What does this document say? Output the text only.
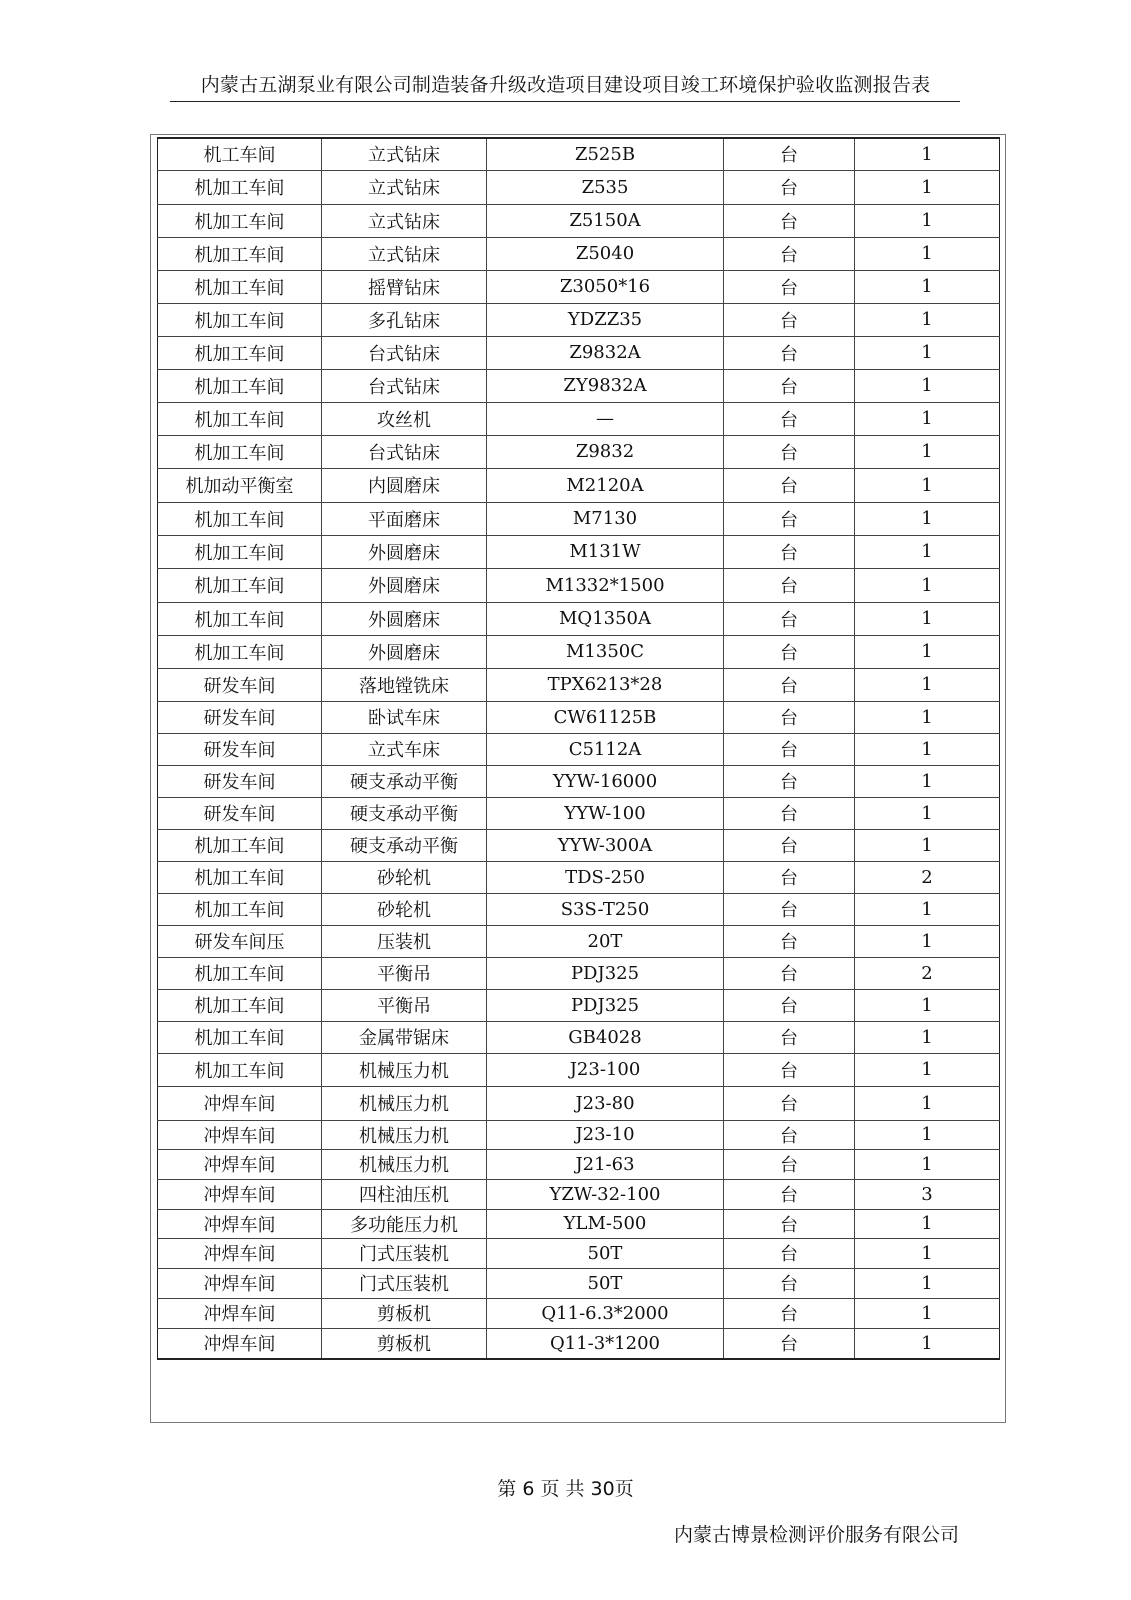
内蒙古五湖泵业有限公司制造装备升级改造项目建设项目竣工环境保护验收监测报告表
机工车间	立式钻床	Z525B	台	1
机加工车间	立式钻床	Z535	台	1
机加工车间	立式钻床	Z5150A	台	1
机加工车间	立式钻床	Z5040	台	1
机加工车间	摇臂钻床	Z3050*16	台	1
机加工车间	多孔钻床	YDZZ35	台	1
机加工车间	台式钻床	Z9832A	台	1
机加工车间	台式钻床	ZY9832A	台	1
机加工车间	攻丝机	—	台	1
机加工车间	台式钻床	Z9832	台	1
机加动平衡室	内圆磨床	M2120A	台	1
机加工车间	平面磨床	M7130	台	1
机加工车间	外圆磨床	M131W	台	1
机加工车间	外圆磨床	M1332*1500	台	1
机加工车间	外圆磨床	MQ1350A	台	1
机加工车间	外圆磨床	M1350C	台	1
研发车间	落地镗铣床	TPX6213*28	台	1
研发车间	卧试车床	CW61125B	台	1
研发车间	立式车床	C5112A	台	1
研发车间	硬支承动平衡	YYW-16000	台	1
研发车间	硬支承动平衡	YYW-100	台	1
机加工车间	硬支承动平衡	YYW-300A	台	1
机加工车间	砂轮机	TDS-250	台	2
机加工车间	砂轮机	S3S-T250	台	1
研发车间压	压装机	20T	台	1
机加工车间	平衡吊	PDJ325	台	2
机加工车间	平衡吊	PDJ325	台	1
机加工车间	金属带锯床	GB4028	台	1
机加工车间	机械压力机	J23-100	台	1
冲焊车间	机械压力机	J23-80	台	1
冲焊车间	机械压力机	J23-10	台	1
冲焊车间	机械压力机	J21-63	台	1
冲焊车间	四柱油压机	YZW-32-100	台	3
冲焊车间	多功能压力机	YLM-500	台	1
冲焊车间	门式压装机	50T	台	1
冲焊车间	门式压装机	50T	台	1
冲焊车间	剪板机	Q11-6.3*2000	台	1
冲焊车间	剪板机	Q11-3*1200	台	1
第 6 页 共 30页
内蒙古博景检测评价服务有限公司
